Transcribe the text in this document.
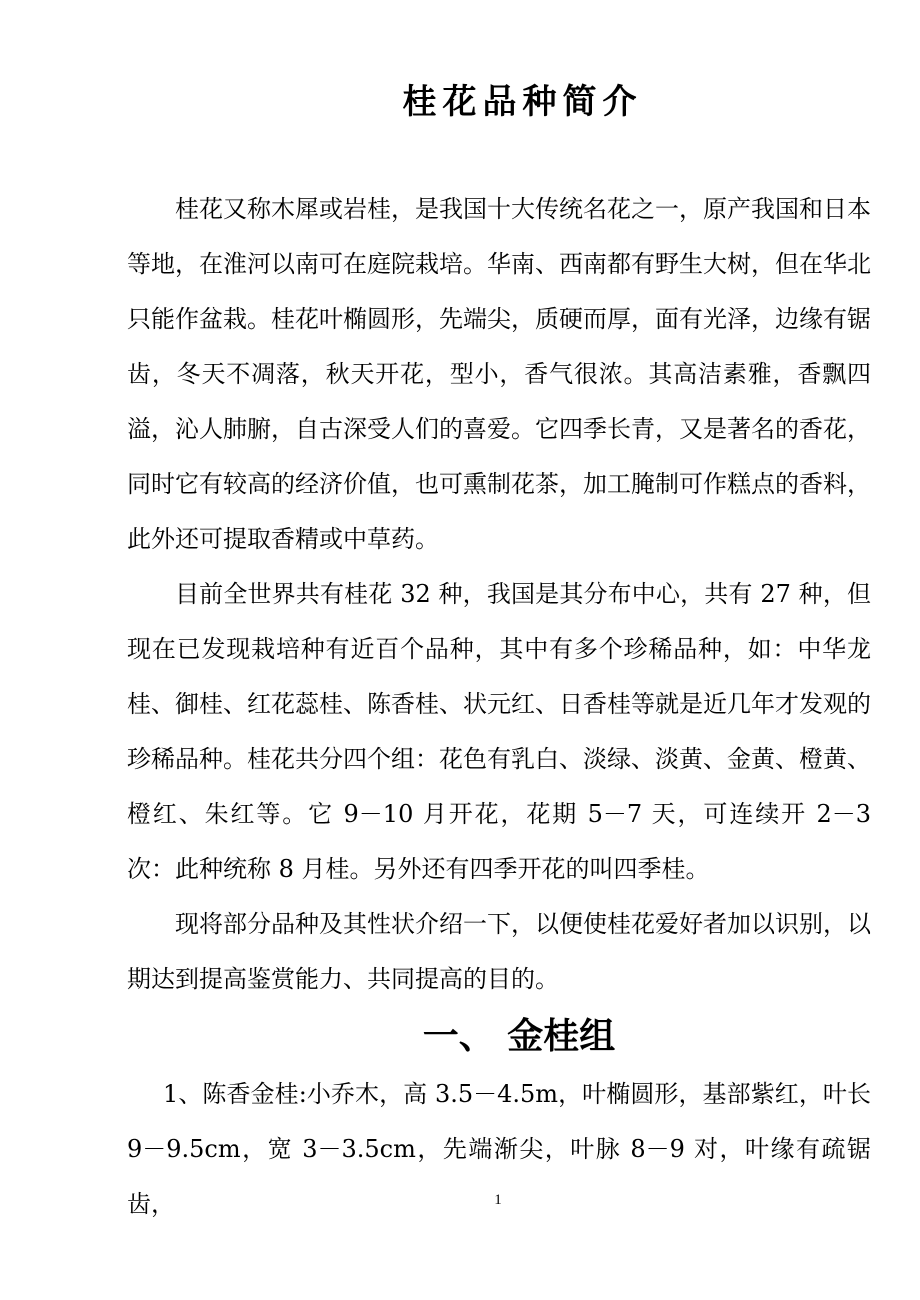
桂花品种简介

桂花又称木犀或岩桂，是我国十大传统名花之一，原产我国和日本等地，在淮河以南可在庭院栽培。华南、西南都有野生大树，但在华北只能作盆栽。桂花叶椭圆形，先端尖，质硬而厚，面有光泽，边缘有锯齿，冬天不凋落，秋天开花，型小，香气很浓。其高洁素雅，香飘四溢，沁人肺腑，自古深受人们的喜爱。它四季长青，又是著名的香花，同时它有较高的经济价值，也可熏制花茶，加工腌制可作糕点的香料，此外还可提取香精或中草药。

目前全世界共有桂花 32 种，我国是其分布中心，共有 27 种，但现在已发现栽培种有近百个品种，其中有多个珍稀品种，如：中华龙桂、御桂、红花蕊桂、陈香桂、状元红、日香桂等就是近几年才发观的珍稀品种。桂花共分四个组：花色有乳白、淡绿、淡黄、金黄、橙黄、橙红、朱红等。它 9－10 月开花，花期 5－7 天，可连续开 2－3 次：此种统称 8 月桂。另外还有四季开花的叫四季桂。

现将部分品种及其性状介绍一下，以便使桂花爱好者加以识别，以期达到提高鉴赏能力、共同提高的目的。

一、 金桂组

1、陈香金桂:小乔木，高 3.5－4.5m，叶椭圆形，基部紫红，叶长 9－9.5cm，宽 3－3.5cm，先端渐尖，叶脉 8－9 对，叶缘有疏锯齿，	1
